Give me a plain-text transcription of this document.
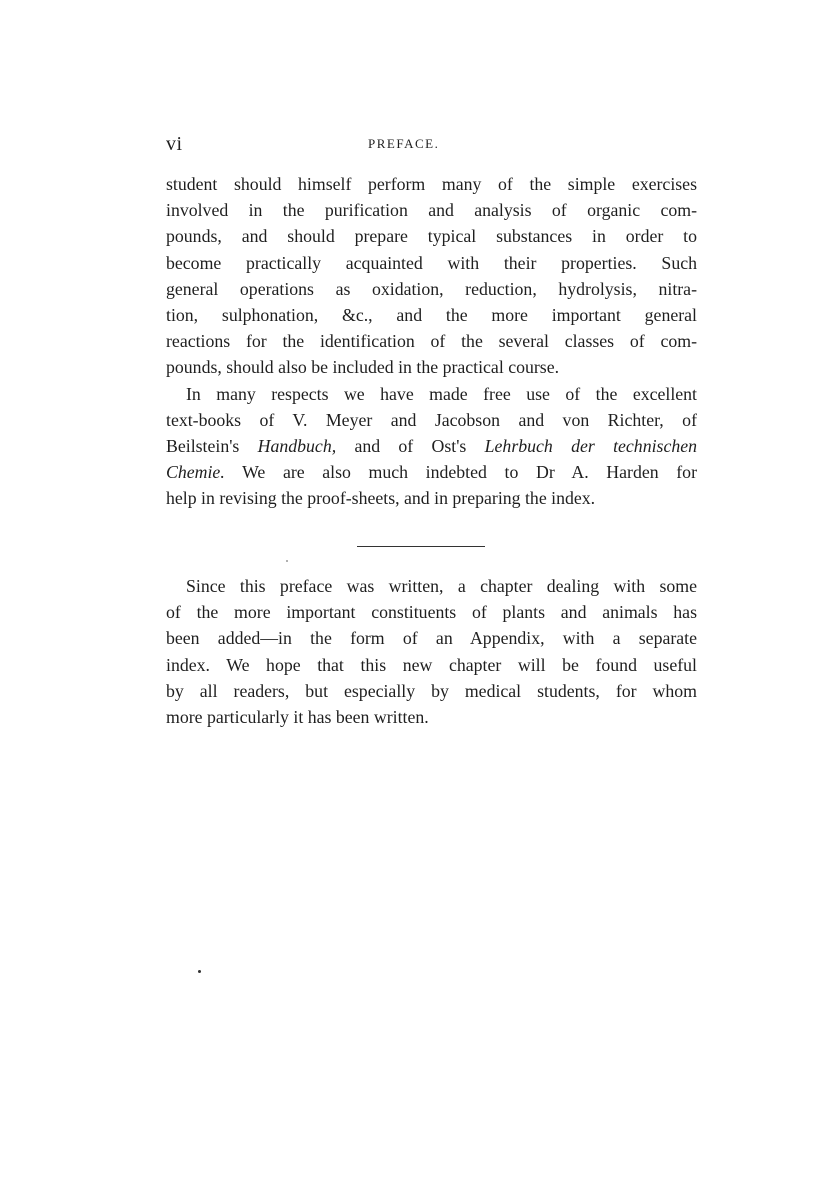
vi	PREFACE.
student should himself perform many of the simple exercises
involved in the purification and analysis of organic com-
pounds, and should prepare typical substances in order to
become practically acquainted with their properties. Such
general operations as oxidation, reduction, hydrolysis, nitra-
tion, sulphonation, &c., and the more important general
reactions for the identification of the several classes of com-
pounds, should also be included in the practical course.
In many respects we have made free use of the excellent
text-books of V. Meyer and Jacobson and von Richter, of
Beilstein's Handbuch, and of Ost's Lehrbuch der technischen
Chemie. We are also much indebted to Dr A. Harden for
help in revising the proof-sheets, and in preparing the index.
Since this preface was written, a chapter dealing with some
of the more important constituents of plants and animals has
been added—in the form of an Appendix, with a separate
index. We hope that this new chapter will be found useful
by all readers, but especially by medical students, for whom
more particularly it has been written.
